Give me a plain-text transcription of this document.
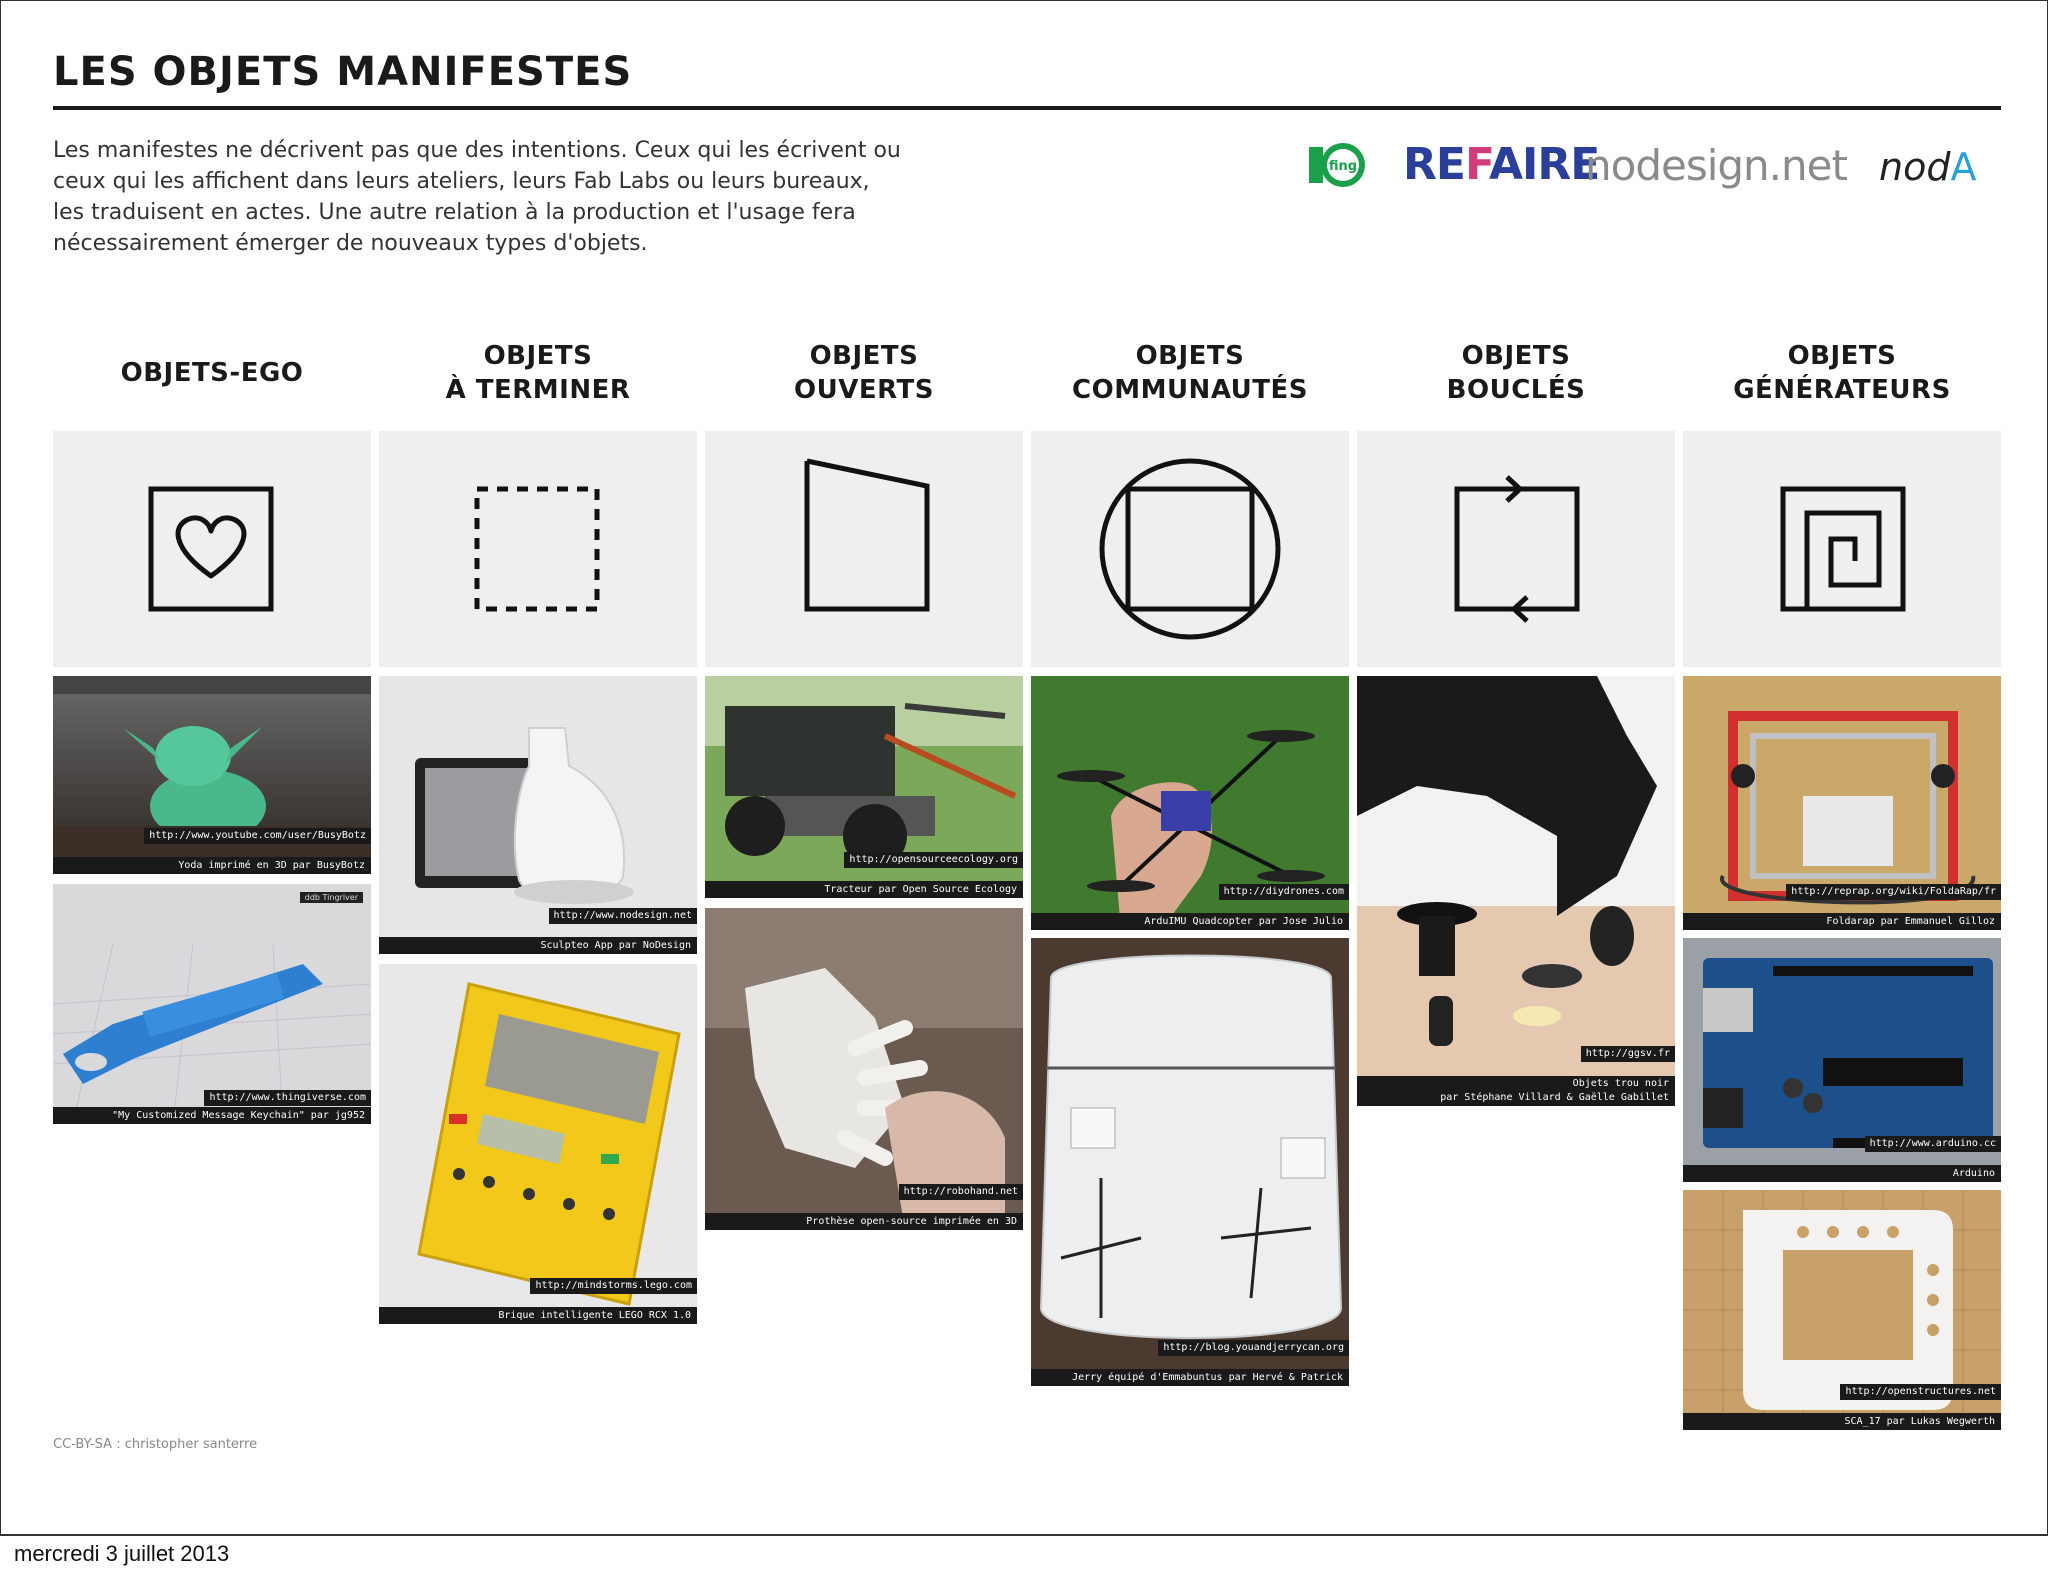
LES OBJETS MANIFESTES
Les manifestes ne décrivent pas que des intentions. Ceux qui les écrivent ou
ceux qui les affichent dans leurs ateliers, leurs Fab Labs ou leurs bureaux,
les traduisent en actes. Une autre relation à la production et l'usage fera
nécessairement émerger de nouveaux types d'objets.
fing REFAIRE
nodesign.net nodA
OBJETS-EGO
OBJETS
À TERMINER
OBJETS
OUVERTS
OBJETS
COMMUNAUTÉS
OBJETS
BOUCLÉS
OBJETS
GÉNÉRATEURS
http://www.youtube.com/user/BusyBotz
Yoda imprimé en 3D par BusyBotz
ddb Tingriver
http://www.thingiverse.com
"My Customized Message Keychain" par jg952
http://www.nodesign.net
Sculpteo App par NoDesign
http://mindstorms.lego.com
Brique intelligente LEGO RCX 1.0
http://opensourceecology.org
Tracteur par Open Source Ecology
http://robohand.net
Prothèse open-source imprimée en 3D
http://diydrones.com
ArduIMU Quadcopter par Jose Julio
http://blog.youandjerrycan.org
Jerry équipé d'Emmabuntus par Hervé & Patrick
http://ggsv.fr
Objets trou noir
par Stéphane Villard & Gaëlle Gabillet
http://reprap.org/wiki/FoldaRap/fr
Foldarap par Emmanuel Gilloz
http://www.arduino.cc
Arduino
http://openstructures.net
SCA_17 par Lukas Wegwerth
CC-BY-SA : christopher santerre
mercredi 3 juillet 2013
